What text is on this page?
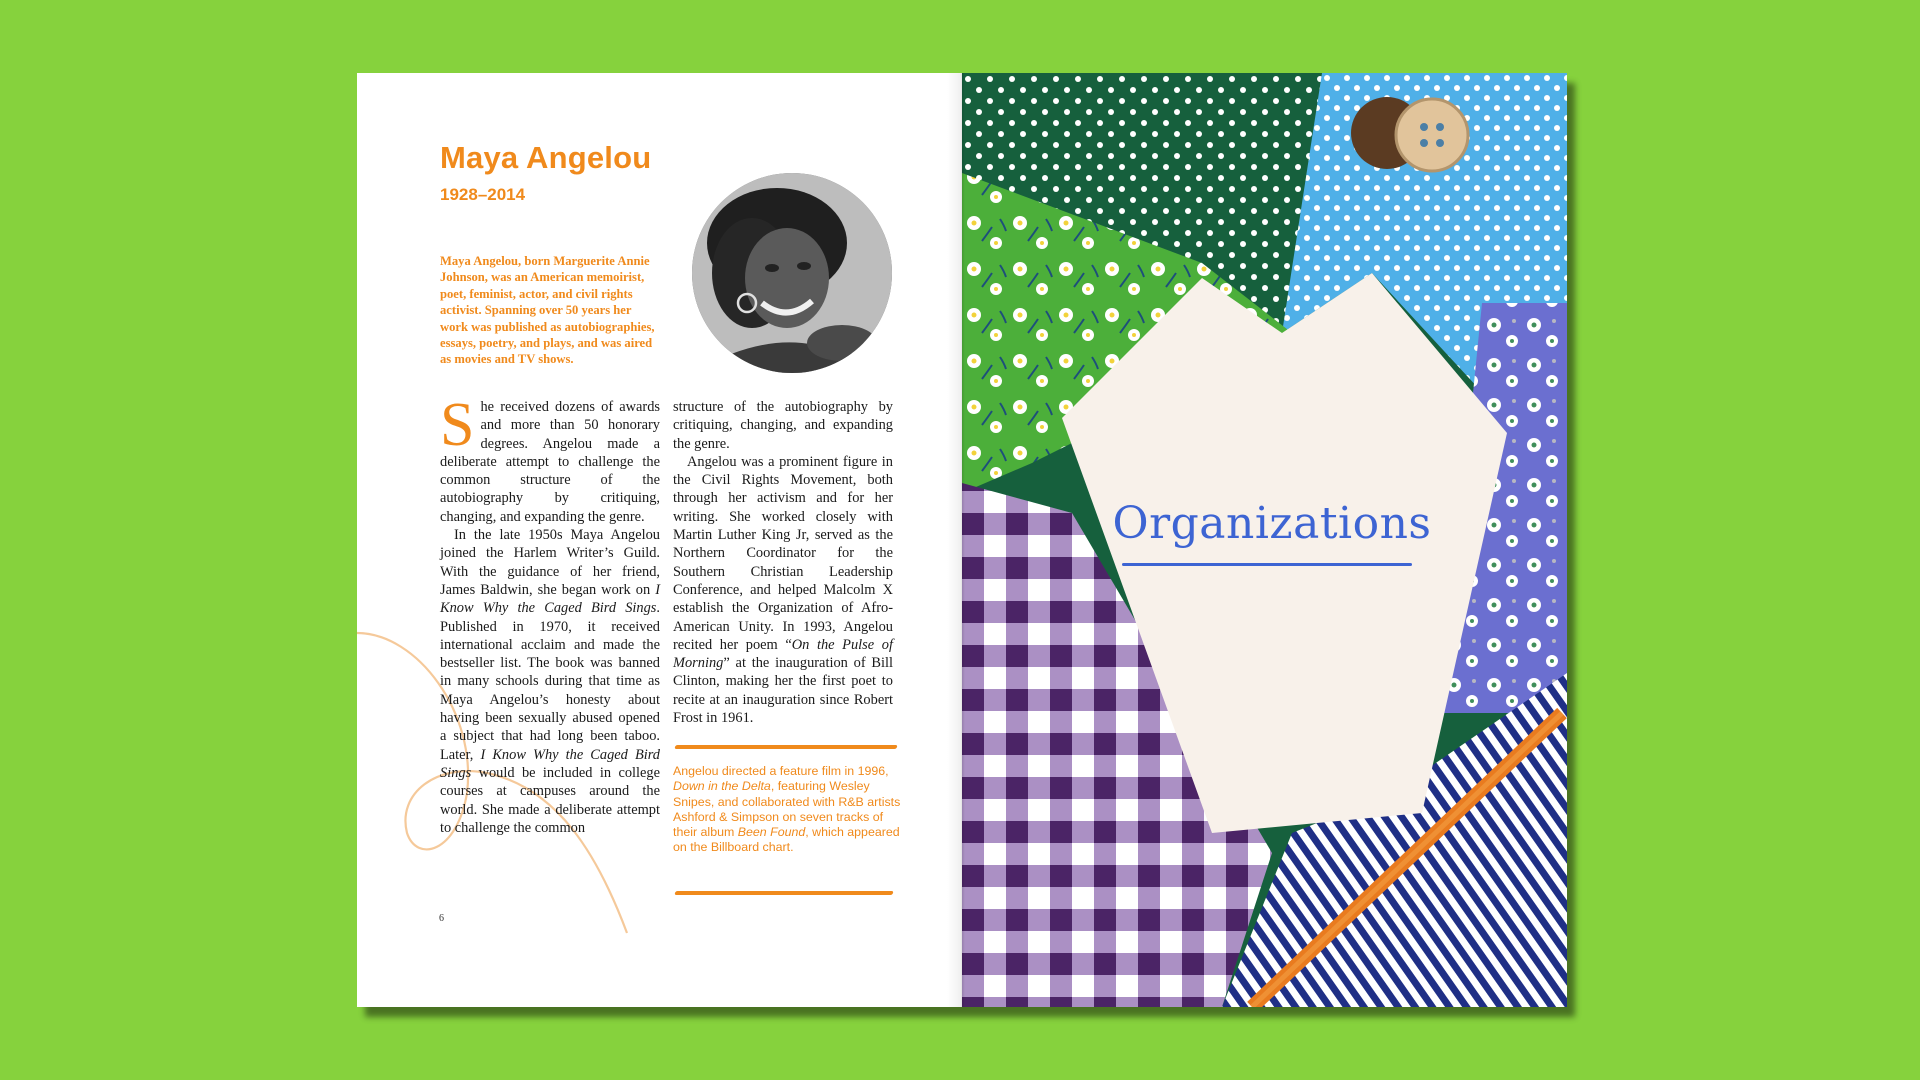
Maya Angelou
1928–2014
Maya Angelou, born Marguerite Annie Johnson, was an American memoirist, poet, feminist, actor, and civil rights activist. Spanning over 50 years her work was published as autobiographies, essays, poetry, and plays, and was aired as movies and TV shows.

She received dozens of awards and more than 50 honorary degrees. Angelou made a deliberate attempt to challenge the common structure of the autobiography by critiquing, changing, and expanding the genre.

In the late 1950s Maya Angelou joined the Harlem Writer’s Guild. With the guidance of her friend, James Baldwin, she began work on I Know Why the Caged Bird Sings. Published in 1970, it received international acclaim and made the bestseller list. The book was banned in many schools during that time as Maya Angelou’s honesty about having been sexually abused opened a subject that had long been taboo. Later, I Know Why the Caged Bird Sings would be included in college courses at campuses around the world. She made a deliberate attempt to challenge the common

structure of the autobiography by critiquing, changing, and expanding the genre.

Angelou was a prominent figure in the Civil Rights Movement, both through her activism and for her writing. She worked closely with Martin Luther King Jr, served as the Northern Coordinator for the Southern Christian Leadership Conference, and helped Malcolm X establish the Organization of Afro-American Unity. In 1993, Angelou recited her poem “On the Pulse of Morning” at the inauguration of Bill Clinton, making her the first poet to recite at an inauguration since Robert Frost in 1961.

Angelou directed a feature film in 1996, Down in the Delta, featuring Wesley Snipes, and collaborated with R&B artists Ashford & Simpson on seven tracks of their album Been Found, which appeared on the Billboard chart.
6
Organizations
